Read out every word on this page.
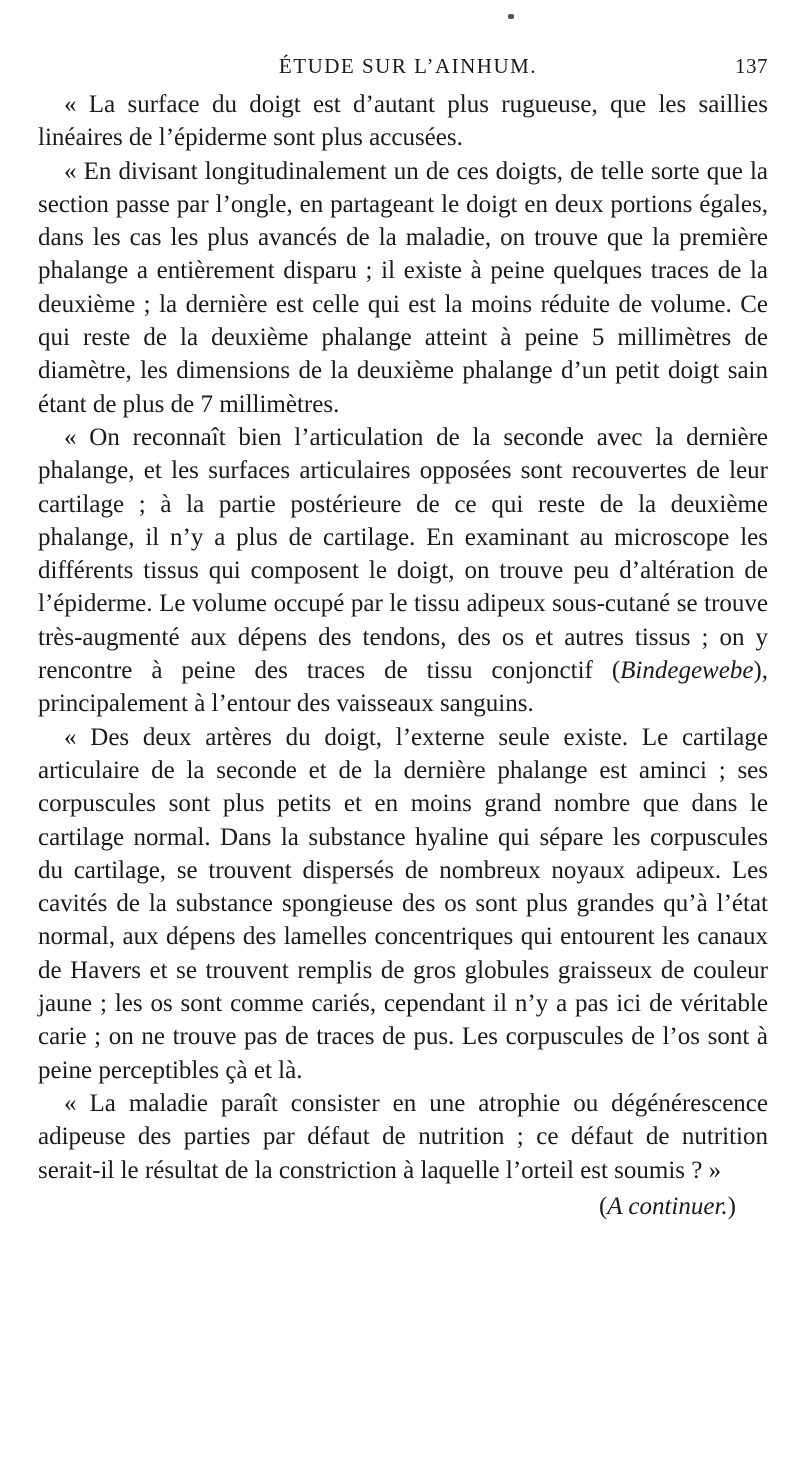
ÉTUDE SUR L’AINHUM.	137

« La surface du doigt est d’autant plus rugueuse, que les saillies linéaires de l’épiderme sont plus accusées.

« En divisant longitudinalement un de ces doigts, de telle sorte que la section passe par l’ongle, en partageant le doigt en deux portions égales, dans les cas les plus avancés de la maladie, on trouve que la première phalange a entièrement disparu ; il existe à peine quelques traces de la deuxième ; la dernière est celle qui est la moins réduite de volume. Ce qui reste de la deuxième phalange atteint à peine 5 millimètres de diamètre, les dimensions de la deuxième phalange d’un petit doigt sain étant de plus de 7 millimètres.

« On reconnaît bien l’articulation de la seconde avec la dernière phalange, et les surfaces articulaires opposées sont recouvertes de leur cartilage ; à la partie postérieure de ce qui reste de la deuxième phalange, il n’y a plus de cartilage. En examinant au microscope les différents tissus qui composent le doigt, on trouve peu d’altération de l’épiderme. Le volume occupé par le tissu adipeux sous-cutané se trouve très-augmenté aux dépens des tendons, des os et autres tissus ; on y rencontre à peine des traces de tissu conjonctif (Bindegewebe), principalement à l’entour des vaisseaux sanguins.

« Des deux artères du doigt, l’externe seule existe. Le cartilage articulaire de la seconde et de la dernière phalange est aminci ; ses corpuscules sont plus petits et en moins grand nombre que dans le cartilage normal. Dans la substance hyaline qui sépare les corpuscules du cartilage, se trouvent dispersés de nombreux noyaux adipeux. Les cavités de la substance spongieuse des os sont plus grandes qu’à l’état normal, aux dépens des lamelles concentriques qui entourent les canaux de Havers et se trouvent remplis de gros globules graisseux de couleur jaune ; les os sont comme cariés, cependant il n’y a pas ici de véritable carie ; on ne trouve pas de traces de pus. Les corpuscules de l’os sont à peine perceptibles çà et là.

« La maladie paraît consister en une atrophie ou dégénérescence adipeuse des parties par défaut de nutrition ; ce défaut de nutrition serait-il le résultat de la constriction à laquelle l’orteil est soumis ? »

(A continuer.)
